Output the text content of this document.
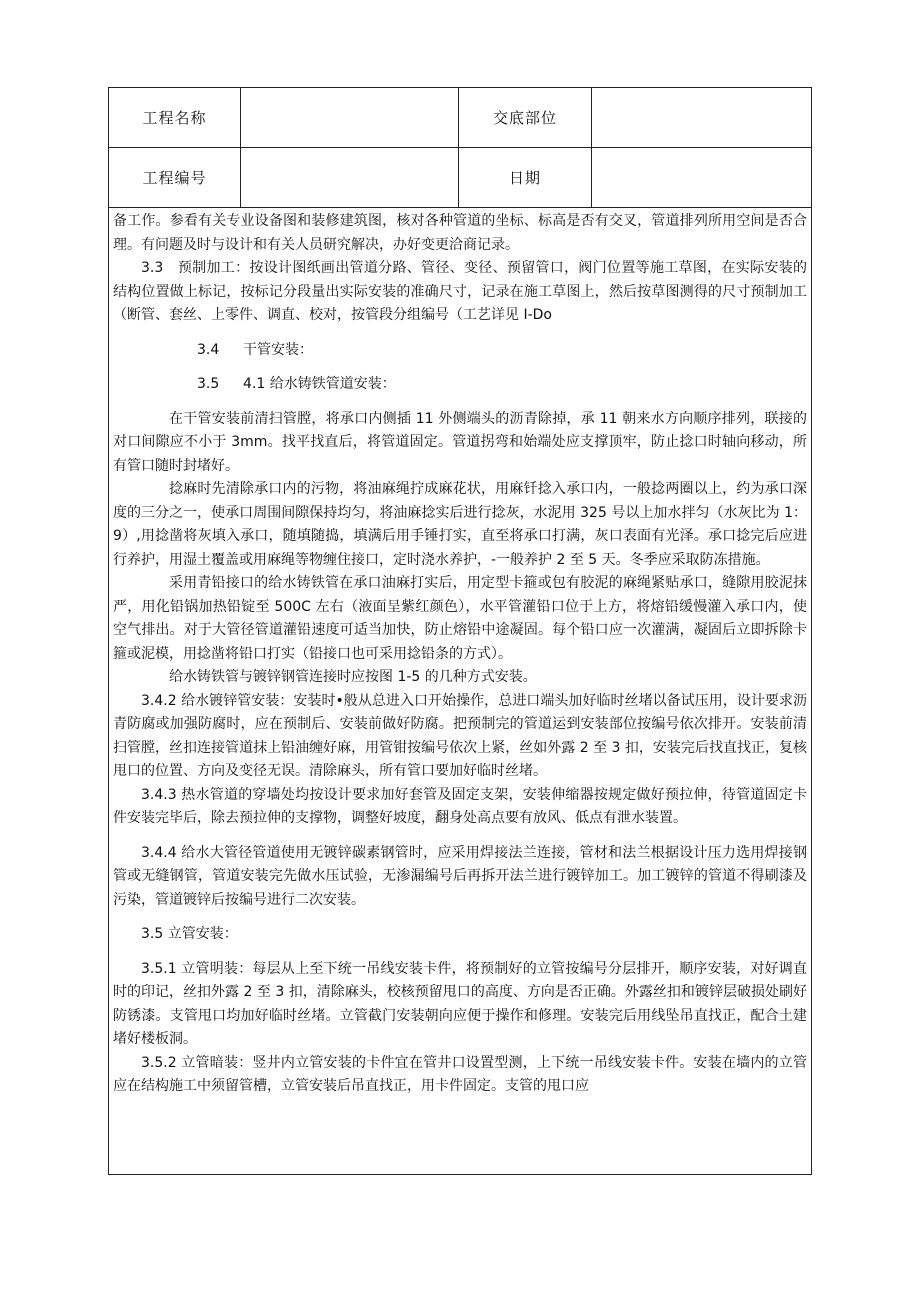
工程名称	交底部位
工程编号	日期

备工作。参看有关专业设备图和装修建筑图，核对各种管道的坐标、标高是否有交叉，管道排列所用空间是否合理。有问题及时与设计和有关人员研究解决，办好变更洽商记录。

3.3　预制加工：按设计图纸画出管道分路、管径、变径、预留管口，阀门位置等施工草图，在实际安装的结构位置做上标记，按标记分段量出实际安装的准确尺寸，记录在施工草图上，然后按草图测得的尺寸预制加工（断管、套丝、上零件、调直、校对，按管段分组编号（工艺详见 I-Do

3.4 干管安装：

3.5 4.1 给水铸铁管道安装：

在干管安装前清扫管膛，将承口内侧插 11 外侧端头的沥青除掉，承 11 朝来水方向顺序排列，联接的对口间隙应不小于 3mm。找平找直后，将管道固定。管道拐弯和始端处应支撑顶牢，防止捻口时轴向移动，所有管口随时封堵好。

捻麻时先清除承口内的污物，将油麻绳拧成麻花状，用麻钎捻入承口内，一般捻两圈以上，约为承口深度的三分之一，使承口周围间隙保持均匀，将油麻捻实后进行捻灰，水泥用 325 号以上加水拌匀（水灰比为 1：9）,用捻凿将灰填入承口，随填随捣，填满后用手锤打实，直至将承口打满，灰口表面有光泽。承口捻完后应进行养护，用湿土覆盖或用麻绳等物缠住接口，定时浇水养护，-一般养护 2 至 5 天。冬季应采取防冻措施。

采用青铅接口的给水铸铁管在承口油麻打实后，用定型卡箍或包有胶泥的麻绳紧贴承口，缝隙用胶泥抹严，用化铅锅加热铅锭至 500C 左右（液面呈紫红颜色），水平管灌铅口位于上方，将熔铅缓慢灌入承口内，使空气排出。对于大管径管道灌铅速度可适当加快，防止熔铅中途凝固。每个铅口应一次灌满，凝固后立即拆除卡箍或泥模，用捻凿将铅口打实（铅接口也可采用捻铅条的方式）。

给水铸铁管与镀锌钢管连接时应按图 1-5 的几种方式安装。

3.4.2 给水镀锌管安装：安装时•般从总进入口开始操作，总进口端头加好临时丝堵以备试压用，设计要求沥青防腐或加强防腐时，应在预制后、安装前做好防腐。把预制完的管道运到安装部位按编号依次排开。安装前清扫管膛，丝扣连接管道抹上铅油缠好麻，用管钳按编号依次上紧，丝如外露 2 至 3 扣，安装完后找直找正，复核甩口的位置、方向及变径无误。清除麻头，所有管口要加好临时丝堵。

3.4.3 热水管道的穿墙处均按设计要求加好套管及固定支架，安装伸缩器按规定做好预拉伸，待管道固定卡件安装完毕后，除去预拉伸的支撑物，调整好坡度，翻身处高点要有放风、低点有泄水装置。

3.4.4 给水大管径管道使用无镀锌碳素钢管时，应采用焊接法兰连接，管材和法兰根据设计压力选用焊接钢管或无缝钢管，管道安装完先做水压试验，无渗漏编号后再拆开法兰进行镀锌加工。加工镀锌的管道不得刷漆及污染，管道镀锌后按编号进行二次安装。

3.5 立管安装：

3.5.1 立管明装：每层从上至下统一吊线安装卡件，将预制好的立管按编号分层排开，顺序安装，对好调直时的印记，丝扣外露 2 至 3 扣，清除麻头，校核预留甩口的高度、方向是否正确。外露丝扣和镀锌层破损处刷好防锈漆。支管甩口均加好临时丝堵。立管截门安装朝向应便于操作和修理。安装完后用线坠吊直找正，配合土建堵好楼板洞。

3.5.2 立管暗装：竖井内立管安装的卡件宜在管井口设置型测，上下统一吊线安装卡件。安装在墙内的立管应在结构施工中须留管槽，立管安装后吊直找正，用卡件固定。支管的甩口应
